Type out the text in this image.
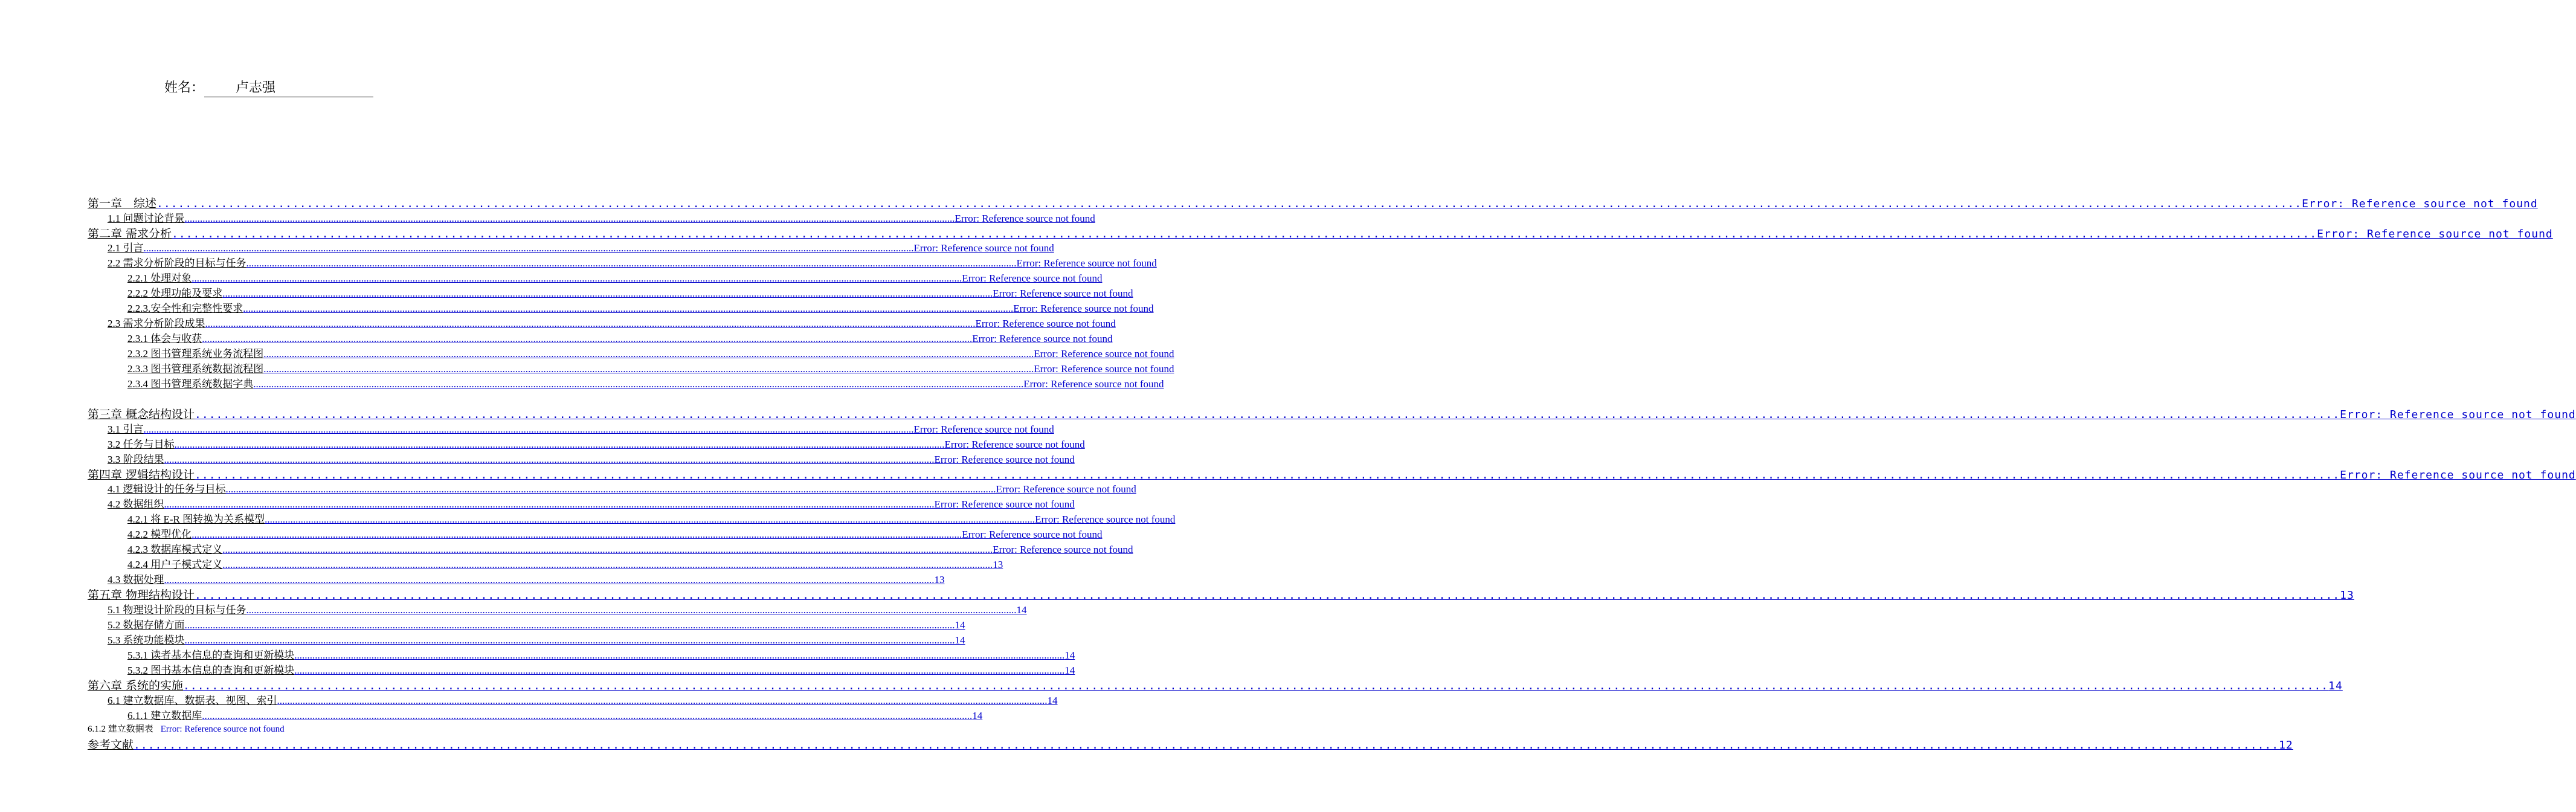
姓名： 卢志强
第一章　综述 ............................................................................................................................................................................................................................................................................................................ Error: Reference source not found
1.1 问题讨论背景 ............................................................................................................................................................................................................................................................................................................ Error: Reference source not found
第二章 需求分析 ............................................................................................................................................................................................................................................................................................................ Error: Reference source not found
2.1 引言 ............................................................................................................................................................................................................................................................................................................ Error: Reference source not found
2.2 需求分析阶段的目标与任务 ............................................................................................................................................................................................................................................................................................................ Error: Reference source not found
2.2.1 处理对象 ............................................................................................................................................................................................................................................................................................................ Error: Reference source not found
2.2.2 处理功能及要求 ............................................................................................................................................................................................................................................................................................................ Error: Reference source not found
2.2.3.安全性和完整性要求 ............................................................................................................................................................................................................................................................................................................ Error: Reference source not found
2.3 需求分析阶段成果 ............................................................................................................................................................................................................................................................................................................ Error: Reference source not found
2.3.1 体会与收获 ............................................................................................................................................................................................................................................................................................................ Error: Reference source not found
2.3.2 图书管理系统业务流程图 ............................................................................................................................................................................................................................................................................................................ Error: Reference source not found
2.3.3 图书管理系统数据流程图 ............................................................................................................................................................................................................................................................................................................ Error: Reference source not found
2.3.4 图书管理系统数据字典 ............................................................................................................................................................................................................................................................................................................ Error: Reference source not found
第三章 概念结构设计 ............................................................................................................................................................................................................................................................................................................ Error: Reference source not found
3.1 引言 ............................................................................................................................................................................................................................................................................................................ Error: Reference source not found
3.2 任务与目标 ............................................................................................................................................................................................................................................................................................................ Error: Reference source not found
3.3 阶段结果 ............................................................................................................................................................................................................................................................................................................ Error: Reference source not found
第四章 逻辑结构设计 ............................................................................................................................................................................................................................................................................................................ Error: Reference source not found
4.1 逻辑设计的任务与目标 ............................................................................................................................................................................................................................................................................................................ Error: Reference source not found
4.2 数据组织 ............................................................................................................................................................................................................................................................................................................ Error: Reference source not found
4.2.1 将 E-R 图转换为关系模型 ............................................................................................................................................................................................................................................................................................................ Error: Reference source not found
4.2.2 模型优化 ............................................................................................................................................................................................................................................................................................................ Error: Reference source not found
4.2.3 数据库模式定义 ............................................................................................................................................................................................................................................................................................................ Error: Reference source not found
4.2.4 用户子模式定义 ............................................................................................................................................................................................................................................................................................................ 13
4.3 数据处理 ............................................................................................................................................................................................................................................................................................................ 13
第五章 物理结构设计 ............................................................................................................................................................................................................................................................................................................ 13
5.1 物理设计阶段的目标与任务 ............................................................................................................................................................................................................................................................................................................ 14
5.2 数据存储方面 ............................................................................................................................................................................................................................................................................................................ 14
5.3 系统功能模块 ............................................................................................................................................................................................................................................................................................................ 14
5.3.1 读者基本信息的查询和更新模块 ............................................................................................................................................................................................................................................................................................................ 14
5.3.2 图书基本信息的查询和更新模块 ............................................................................................................................................................................................................................................................................................................ 14
第六章 系统的实施 ............................................................................................................................................................................................................................................................................................................ 14
6.1 建立数据库、数据表、视图、索引 ............................................................................................................................................................................................................................................................................................................ 14
6.1.1 建立数据库 ............................................................................................................................................................................................................................................................................................................ 14
6.1.2 建立数据表 Error: Reference source not found
参考文献 ............................................................................................................................................................................................................................................................................................................ 12
